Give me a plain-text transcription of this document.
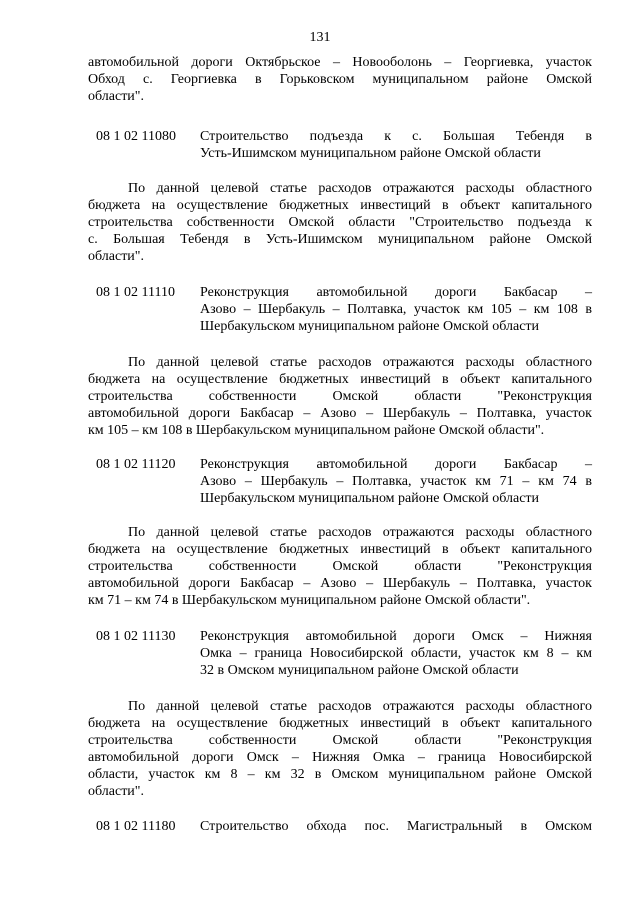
131
автомобильной дороги Октябрьское – Новооболонь – Георгиевка, участок
Обход с. Георгиевка в Горьковском муниципальном районе Омской
области".
08 1 02 11080 Строительство подъезда к с. Большая Тебендя в
Усть-Ишимском муниципальном районе Омской области
По данной целевой статье расходов отражаются расходы областного
бюджета на осуществление бюджетных инвестиций в объект капитального
строительства собственности Омской области "Строительство подъезда к
с. Большая Тебендя в Усть-Ишимском муниципальном районе Омской
области".
08 1 02 11110 Реконструкция автомобильной дороги Бакбасар –
Азово – Шербакуль – Полтавка, участок км 105 – км 108 в
Шербакульском муниципальном районе Омской области
По данной целевой статье расходов отражаются расходы областного
бюджета на осуществление бюджетных инвестиций в объект капитального
строительства собственности Омской области "Реконструкция
автомобильной дороги Бакбасар – Азово – Шербакуль – Полтавка, участок
км 105 – км 108 в Шербакульском муниципальном районе Омской области".
08 1 02 11120 Реконструкция автомобильной дороги Бакбасар –
Азово – Шербакуль – Полтавка, участок км 71 – км 74 в
Шербакульском муниципальном районе Омской области
По данной целевой статье расходов отражаются расходы областного
бюджета на осуществление бюджетных инвестиций в объект капитального
строительства собственности Омской области "Реконструкция
автомобильной дороги Бакбасар – Азово – Шербакуль – Полтавка, участок
км 71 – км 74 в Шербакульском муниципальном районе Омской области".
08 1 02 11130 Реконструкция автомобильной дороги Омск – Нижняя
Омка – граница Новосибирской области, участок км 8 – км
32 в Омском муниципальном районе Омской области
По данной целевой статье расходов отражаются расходы областного
бюджета на осуществление бюджетных инвестиций в объект капитального
строительства собственности Омской области "Реконструкция
автомобильной дороги Омск – Нижняя Омка – граница Новосибирской
области, участок км 8 – км 32 в Омском муниципальном районе Омской
области".
08 1 02 11180 Строительство обхода пос. Магистральный в Омском
